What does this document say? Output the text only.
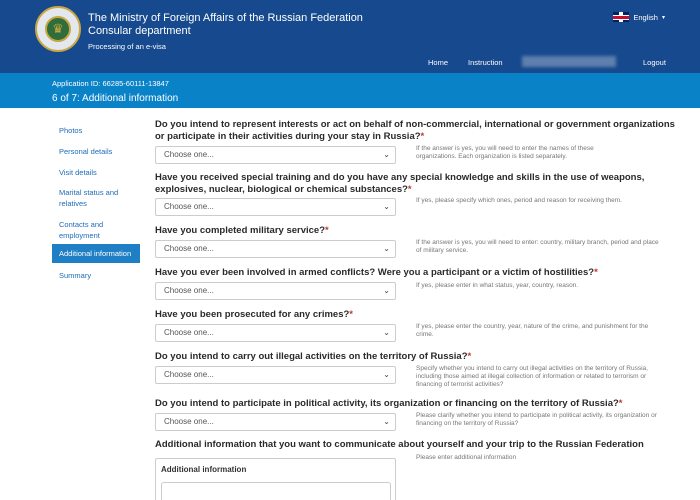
♛
The Ministry of Foreign Affairs of the Russian Federation
Consular department
Processing of an e-visa
English ▾
Home	Instruction	Logout
Application ID: 66285-60111-13847
6 of 7: Additional information
Photos
Personal details
Visit details
Marital status and relatives
Contacts and employment
Additional information
Summary
Do you intend to represent interests or act on behalf of non-commercial, international or government organizations or participate in their activities during your stay in Russia?*
Choose one...	⌄
If the answer is yes, you will need to enter the names of these organizations. Each organization is listed separately.
Have you received special training and do you have any special knowledge and skills in the use of weapons, explosives, nuclear, biological or chemical substances?*
Choose one...	⌄
If yes, please specify which ones, period and reason for receiving them.
Have you completed military service?*
Choose one...	⌄
If the answer is yes, you will need to enter: country, military branch, period and place of military service.
Have you ever been involved in armed conflicts? Were you a participant or a victim of hostilities?*
Choose one...	⌄
If yes, please enter in what status, year, country, reason.
Have you been prosecuted for any crimes?*
Choose one...	⌄
If yes, please enter the country, year, nature of the crime, and punishment for the crime.
Do you intend to carry out illegal activities on the territory of Russia?*
Choose one...	⌄
Specify whether you intend to carry out illegal activities on the territory of Russia, including those aimed at illegal collection of information or related to terrorism or financing of terrorist activities?
Do you intend to participate in political activity, its organization or financing on the territory of Russia?*
Choose one...	⌄
Please clarify whether you intend to participate in political activity, its organization or financing on the territory of Russia?
Additional information that you want to communicate about yourself and your trip to the Russian Federation
Please enter additional information
Additional information
